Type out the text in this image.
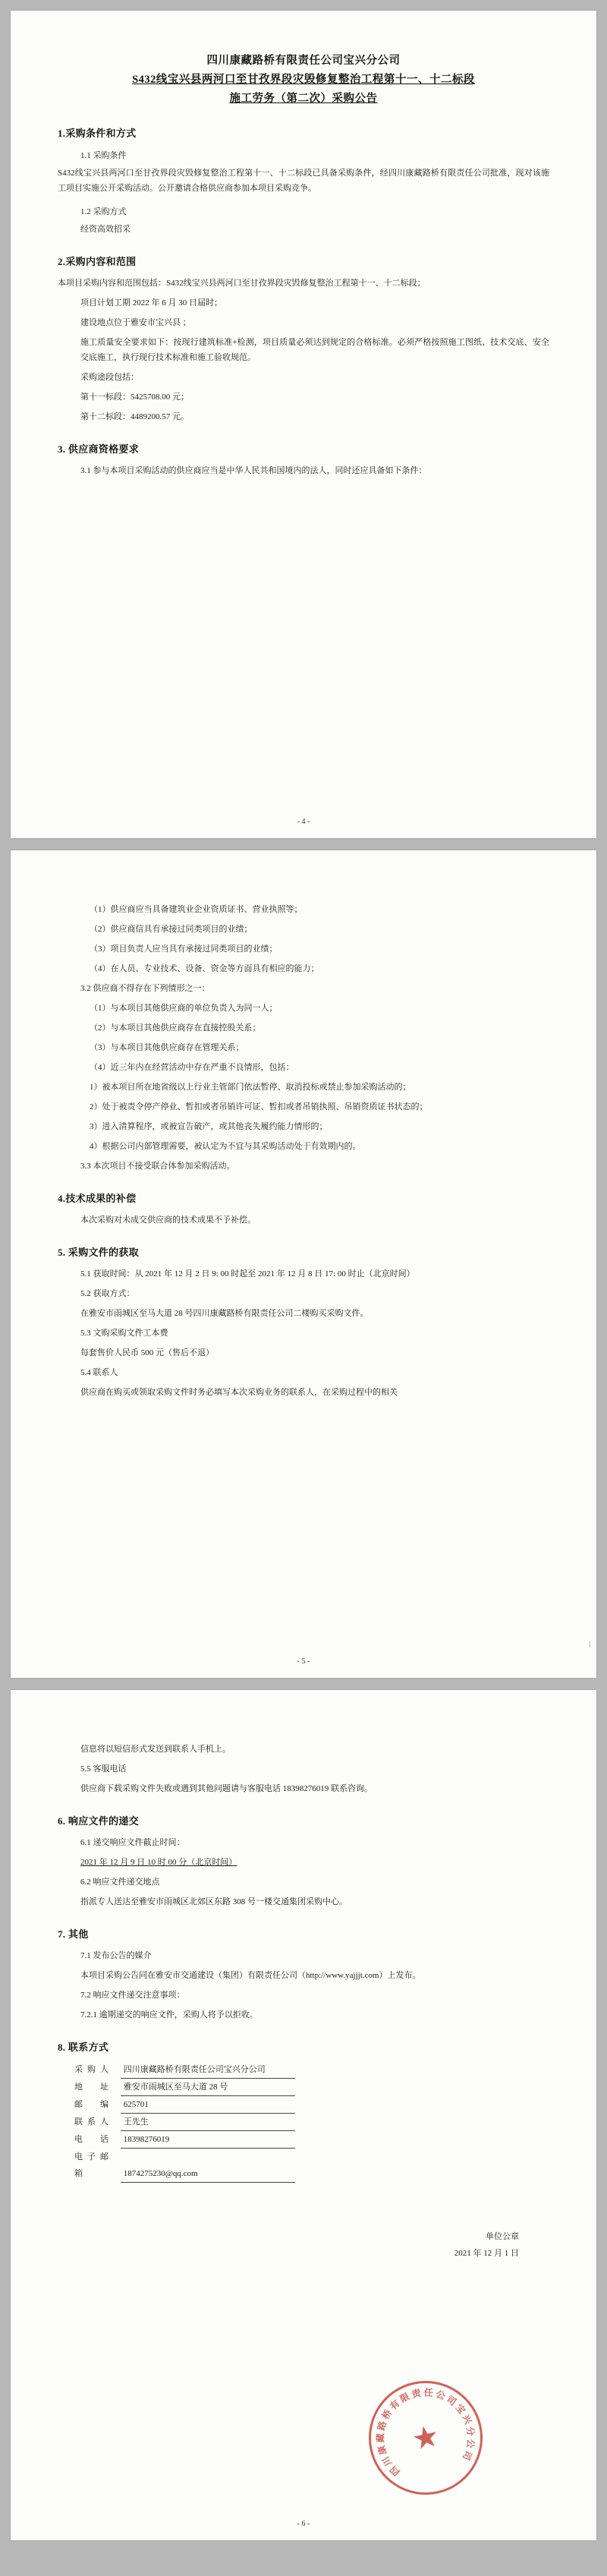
四川康藏路桥有限责任公司宝兴分公司
S432线宝兴县两河口至甘孜界段灾毁修复整治工程第十一、十二标段
施工劳务（第二次）采购公告
1.采购条件和方式
1.1 采购条件

S432线宝兴县两河口至甘孜界段灾毁修复整治工程第十一、十二标段已具备采购条件，经四川康藏路桥有限责任公司批准，现对该施工项目实施公开采购活动。公开邀请合格供应商参加本项目采购竞争。

1.2 采购方式

经资高效招采

2.采购内容和范围

本项目采购内容和范围包括：S432线宝兴县两河口至甘孜界段灾毁修复整治工程第十一、十二标段；

项目计划工期 2022 年 6 月 30 日届时；

建设地点位于雅安市宝兴县 ；

施工质量安全要求如下：按现行建筑标准+检测，项目质量必须达到规定的合格标准。必须严格按照施工图纸、技术交底、安全交底施工，执行现行技术标准和施工验收规范。

采购途段包括：

第十一标段：5425708.00 元；

第十二标段：4489200.57 元。

3. 供应商资格要求

3.1 参与本项目采购活动的供应商应当是中华人民共和国境内的法人，同时还应具备如下条件：

- 4 -

（1）供应商应当具备建筑业企业资质证书、营业执照等；

（2）供应商信具有承接过同类项目的业绩；

（3）项目负责人应当具有承接过同类项目的业绩；

（4）在人员、专业技术、设备、资金等方面具有相应的能力；

3.2 供应商不得存在下列情形之一：

（1）与本项目其他供应商的单位负责人为同一人；

（2）与本项目其他供应商存在直接控股关系；

（3）与本项目其他供应商存在管理关系；

（4）近三年内在经营活动中存在严重不良情形，包括：

1）被本项目所在地省级以上行业主管部门依法暂停、取消投标或禁止参加采购活动的；

2）处于被责令停产停业、暂扣或者吊销许可证、暂扣或者吊销执照、吊销资质证书状态的；

3）进入清算程序，或被宣告破产，或其他丧失履约能力情形的；

4）根据公司内部管理需要，被认定为不宜与其采购活动处于有效期内的。

3.3 本次项目不接受联合体参加采购活动。

4.技术成果的补偿

本次采购对未成交供应商的技术成果不予补偿。

5. 采购文件的获取

5.1 获取时间：从 2021 年 12 月 2 日 9: 00 时起至 2021 年 12 月 8 日 17: 00 时止（北京时间）

5.2 获取方式：

在雅安市雨城区至马大道 28 号四川康藏路桥有限责任公司二楼购买采购文件。

5.3 文购采购文件工本费

每套售价人民币 500 元（售后不退）

5.4 联系人

供应商在购买或领取采购文件时务必填写本次采购业务的联系人，在采购过程中的相关

- 5 -
|

信息将以短信形式发送到联系人手机上。

5.5 客服电话

供应商下载采购文件失败或遇到其他问题请与客服电话 18398276019 联系咨询。

6. 响应文件的递交

6.1 递交响应文件截止时间：

2021 年 12 月 9 日 10 时 00 分（北京时间）

6.2 响应文件递交地点

指派专人送达至雅安市雨城区北郊区东路 308 号一楼交通集团采购中心。

7. 其他

7.1 发布公告的媒介

本项目采购公告同在雅安市交通建设（集团）有限责任公司（http://www.yajjjt.com）上发布。

7.2 响应文件递交注意事项：

7.2.1 逾期递交的响应文件，采购人将予以拒收。

8. 联系方式
采购人 四川康藏路桥有限责任公司宝兴分公司
地　址 雅安市雨城区至马大道 28 号
邮　编 625701
联系人 王先生
电　话 18398276019
电子邮箱	1874275230@qq.com
单位公章
2021 年 12 月 1 日
★
四
川
康
藏
路
桥
有
限 责 任 公
司
宝
兴
分
公
司
- 6 -
